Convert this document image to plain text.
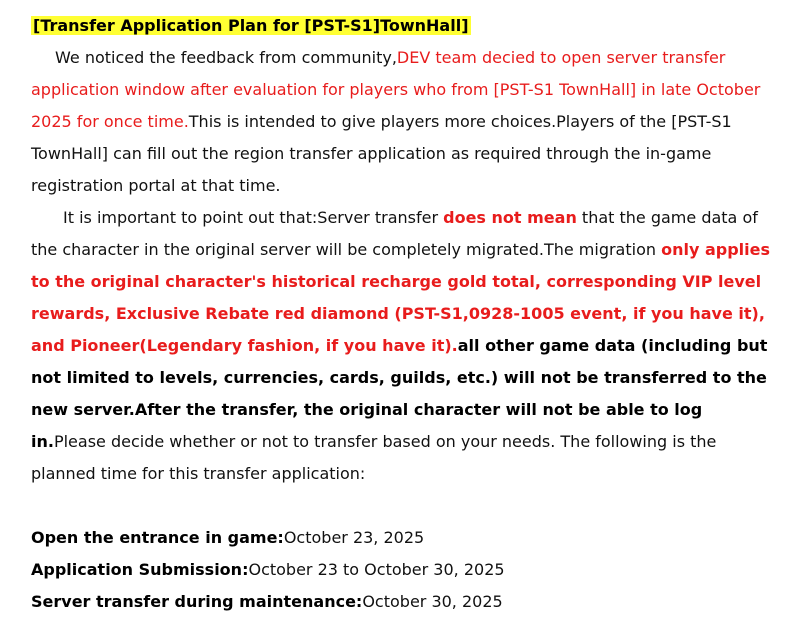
[Transfer Application Plan for [PST-S1]TownHall]

We noticed the feedback from community,DEV team decied to open server transfer application window after evaluation for players who from [PST-S1 TownHall] in late October 2025 for once time.This is intended to give players more choices.Players of the [PST-S1 TownHall] can fill out the region transfer application as required through the in-game registration portal at that time.

It is important to point out that:Server transfer does not mean that the game data of the character in the original server will be completely migrated.The migration only applies to the original character's historical recharge gold total, corresponding VIP level rewards, Exclusive Rebate red diamond (PST-S1,0928-1005 event, if you have it), and Pioneer(Legendary fashion, if you have it).all other game data (including but not limited to levels, currencies, cards, guilds, etc.) will not be transferred to the new server.After the transfer, the original character will not be able to log in.Please decide whether or not to transfer based on your needs. The following is the planned time for this transfer application:

Open the entrance in game:October 23, 2025

Application Submission:October 23 to October 30, 2025

Server transfer during maintenance:October 30, 2025
